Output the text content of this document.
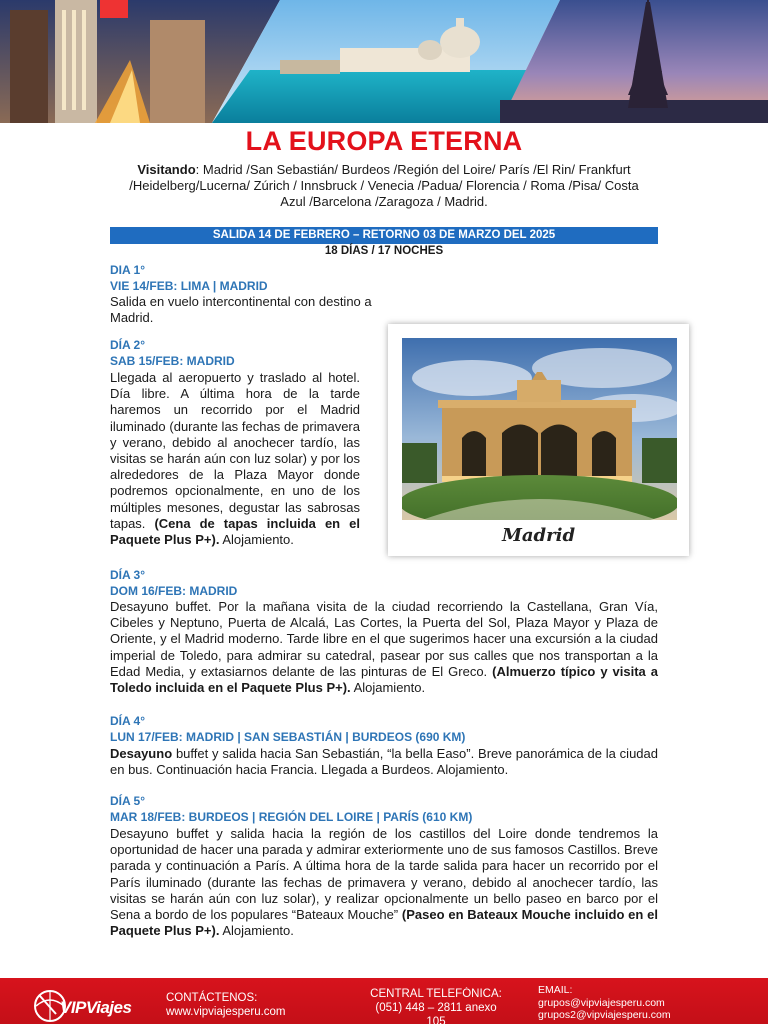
LA EUROPA ETERNA
Visitando: Madrid /San Sebastián/ Burdeos /Región del Loire/ París /El Rin/ Frankfurt /Heidelberg/Lucerna/ Zúrich / Innsbruck / Venecia /Padua/ Florencia / Roma /Pisa/ Costa Azul /Barcelona /Zaragoza / Madrid.
SALIDA 14 DE FEBRERO – RETORNO 03 DE MARZO DEL 2025
18 DÍAS / 17 NOCHES
DIA 1°
VIE 14/FEB: LIMA | MADRID
Salida en vuelo intercontinental con destino a Madrid.
DÍA 2°
SAB 15/FEB: MADRID
Llegada al aeropuerto y traslado al hotel. Día libre. A última hora de la tarde haremos un recorrido por el Madrid iluminado (durante las fechas de primavera y verano, debido al anochecer tardío, las visitas se harán aún con luz solar) y por los alrededores de la Plaza Mayor donde podremos opcionalmente, en uno de los múltiples mesones, degustar las sabrosas tapas. (Cena de tapas incluida en el Paquete Plus P+). Alojamiento.	Madrid
DÍA 3°
DOM 16/FEB: MADRID
Desayuno buffet. Por la mañana visita de la ciudad recorriendo la Castellana, Gran Vía, Cibeles y Neptuno, Puerta de Alcalá, Las Cortes, la Puerta del Sol, Plaza Mayor y Plaza de Oriente, y el Madrid moderno. Tarde libre en el que sugerimos hacer una excursión a la ciudad imperial de Toledo, para admirar su catedral, pasear por sus calles que nos transportan a la Edad Media, y extasiarnos delante de las pinturas de El Greco. (Almuerzo típico y visita a Toledo incluida en el Paquete Plus P+). Alojamiento.
DÍA 4°
LUN 17/FEB: MADRID | SAN SEBASTIÁN | BURDEOS (690 KM)
Desayuno buffet y salida hacia San Sebastián, “la bella Easo”. Breve panorámica de la ciudad en bus. Continuación hacia Francia. Llegada a Burdeos. Alojamiento.
DÍA 5°
MAR 18/FEB: BURDEOS | REGIÓN DEL LOIRE | PARÍS (610 KM)
Desayuno buffet y salida hacia la región de los castillos del Loire donde tendremos la oportunidad de hacer una parada y admirar exteriormente uno de sus famosos Castillos. Breve parada y continuación a París. A última hora de la tarde salida para hacer un recorrido por el París iluminado (durante las fechas de primavera y verano, debido al anochecer tardío, las visitas se harán aún con luz solar), y realizar opcionalmente un bello paseo en barco por el Sena a bordo de los populares “Bateaux Mouche” (Paseo en Bateaux Mouche incluido en el Paquete Plus P+). Alojamiento.
VIPViajes	CONTÁCTENOS:
www.vipviajesperu.com
CENTRAL TELEFÓNICA:
(051) 448 – 2811 anexo
105
EMAIL:
grupos@vipviajesperu.com
grupos2@vipviajesperu.com
